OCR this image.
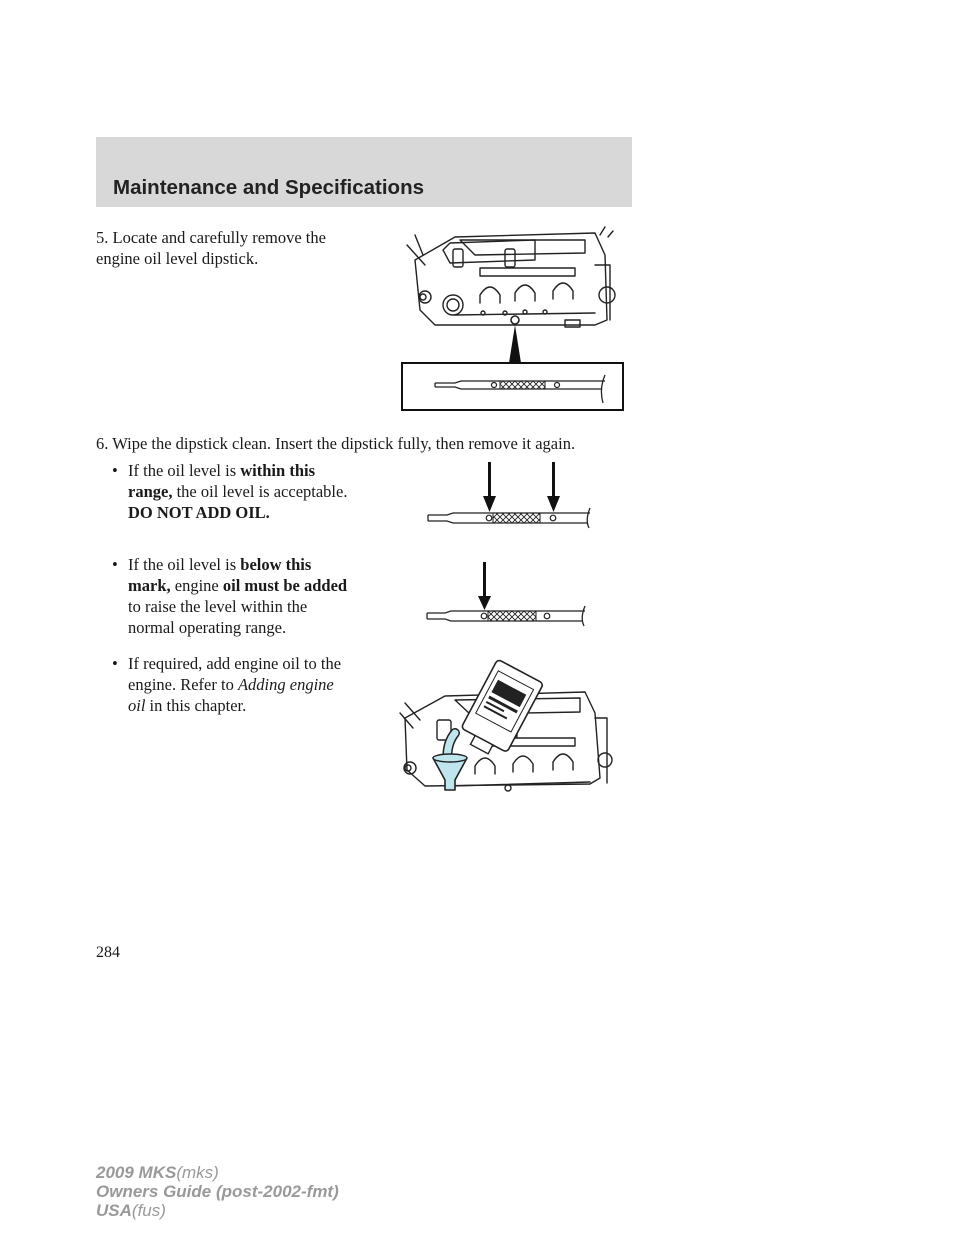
Maintenance and Specifications
5. Locate and carefully remove the
engine oil level dipstick.
6. Wipe the dipstick clean. Insert the dipstick fully, then remove it again.
• If the oil level is within this
range, the oil level is acceptable.
DO NOT ADD OIL.
• If the oil level is below this
mark, engine oil must be added
to raise the level within the
normal operating range.
• If required, add engine oil to the
engine. Refer to Adding engine
oil in this chapter.
284
2009 MKS(mks)
Owners Guide (post-2002-fmt)
USA(fus)
